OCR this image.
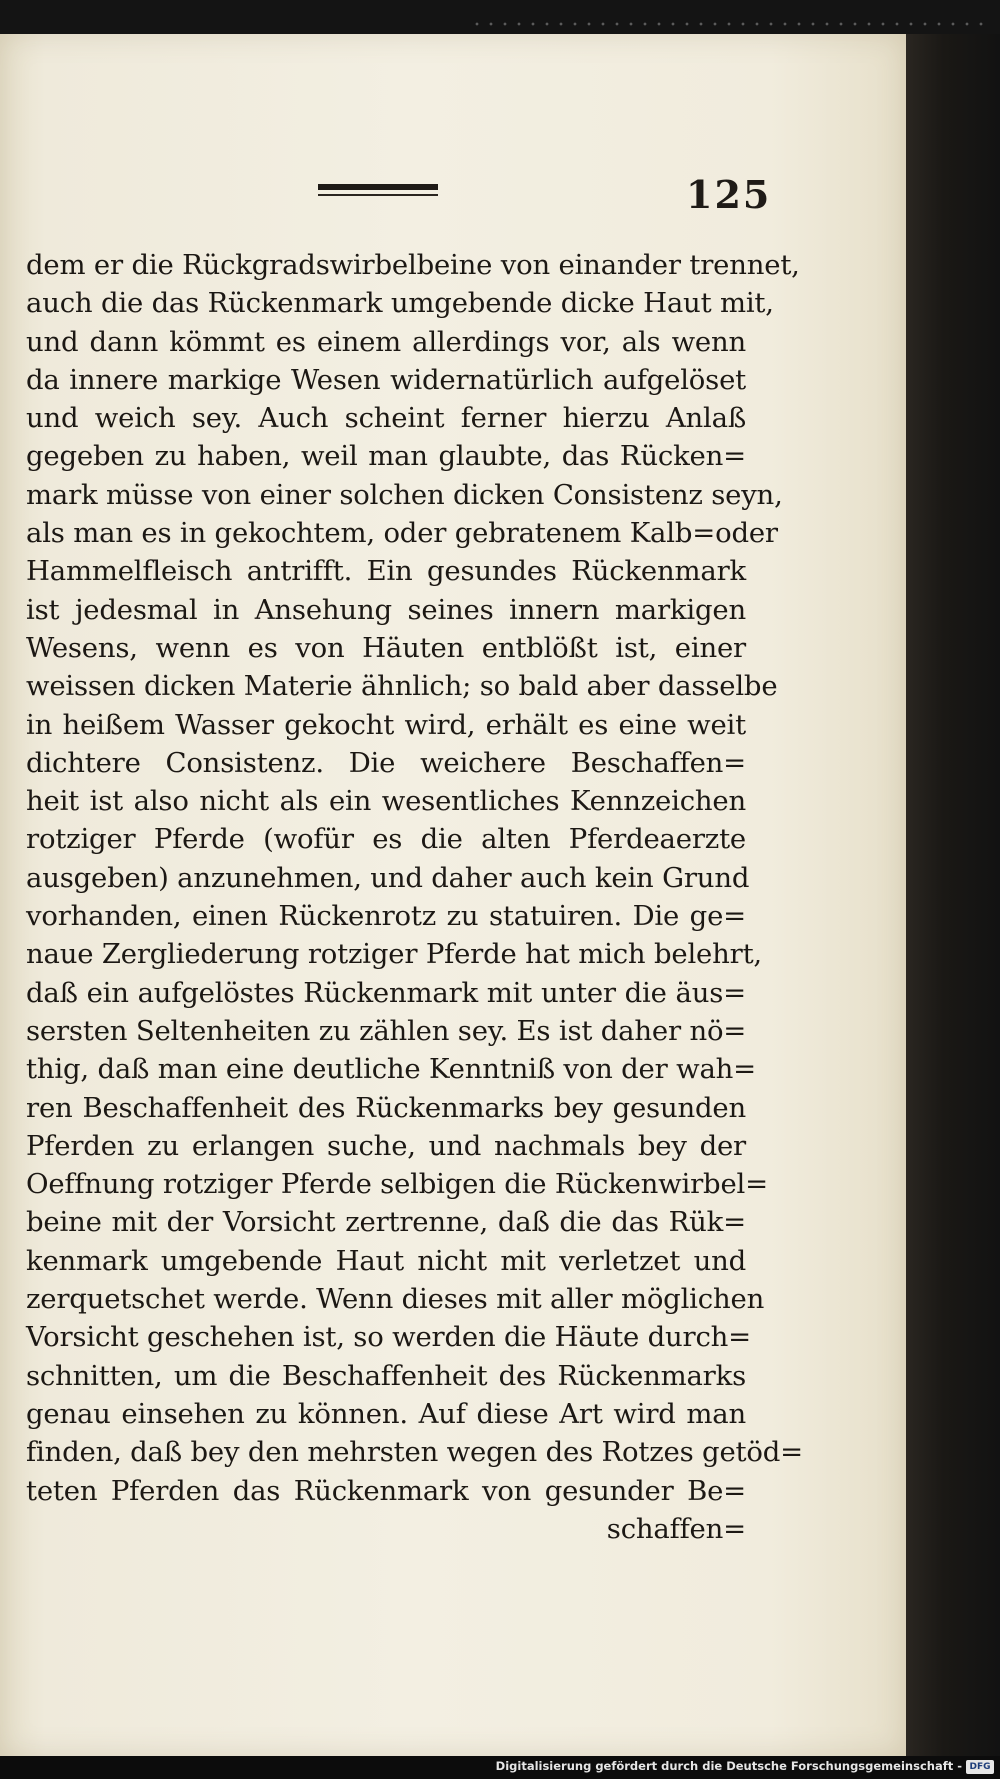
125
dem er die Rückgradswirbelbeine von einander trennet,
auch die das Rückenmark umgebende dicke Haut mit,
und dann kömmt es einem allerdings vor, als wenn
da innere markige Wesen widernatürlich aufgelöset
und weich sey. Auch scheint ferner hierzu Anlaß
gegeben zu haben, weil man glaubte, das Rücken=
mark müsse von einer solchen dicken Consistenz seyn,
als man es in gekochtem, oder gebratenem Kalb=oder
Hammelfleisch antrifft. Ein gesundes Rückenmark
ist jedesmal in Ansehung seines innern markigen
Wesens, wenn es von Häuten entblößt ist, einer
weissen dicken Materie ähnlich; so bald aber dasselbe
in heißem Wasser gekocht wird, erhält es eine weit
dichtere Consistenz. Die weichere Beschaffen=
heit ist also nicht als ein wesentliches Kennzeichen
rotziger Pferde (wofür es die alten Pferdeaerzte
ausgeben) anzunehmen, und daher auch kein Grund
vorhanden, einen Rückenrotz zu statuiren. Die ge=
naue Zergliederung rotziger Pferde hat mich belehrt,
daß ein aufgelöstes Rückenmark mit unter die äus=
sersten Seltenheiten zu zählen sey. Es ist daher nö=
thig, daß man eine deutliche Kenntniß von der wah=
ren Beschaffenheit des Rückenmarks bey gesunden
Pferden zu erlangen suche, und nachmals bey der
Oeffnung rotziger Pferde selbigen die Rückenwirbel=
beine mit der Vorsicht zertrenne, daß die das Rük=
kenmark umgebende Haut nicht mit verletzet und
zerquetschet werde. Wenn dieses mit aller möglichen
Vorsicht geschehen ist, so werden die Häute durch=
schnitten, um die Beschaffenheit des Rückenmarks
genau einsehen zu können. Auf diese Art wird man
finden, daß bey den mehrsten wegen des Rotzes getöd=
teten Pferden das Rückenmark von gesunder Be=
schaffen=
Digitalisierung gefördert durch die Deutsche Forschungsgemeinschaft - DFG
